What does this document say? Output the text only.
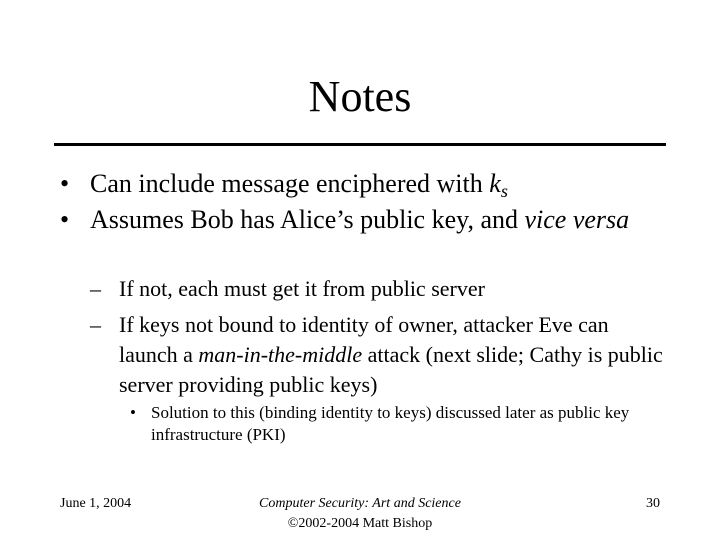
Notes

• Can include message enciphered with $k_s$

• Assumes Bob has Alice’s public key, and vice versa

– If not, each must get it from public server

– If keys not bound to identity of owner, attacker Eve can launch a man-in-the-middle attack (next slide; Cathy is public server providing public keys)

• Solution to this (binding identity to keys) discussed later as public key infrastructure (PKI)

June 1, 2004	Computer Security: Art and Science
©2002-2004 Matt Bishop

30
